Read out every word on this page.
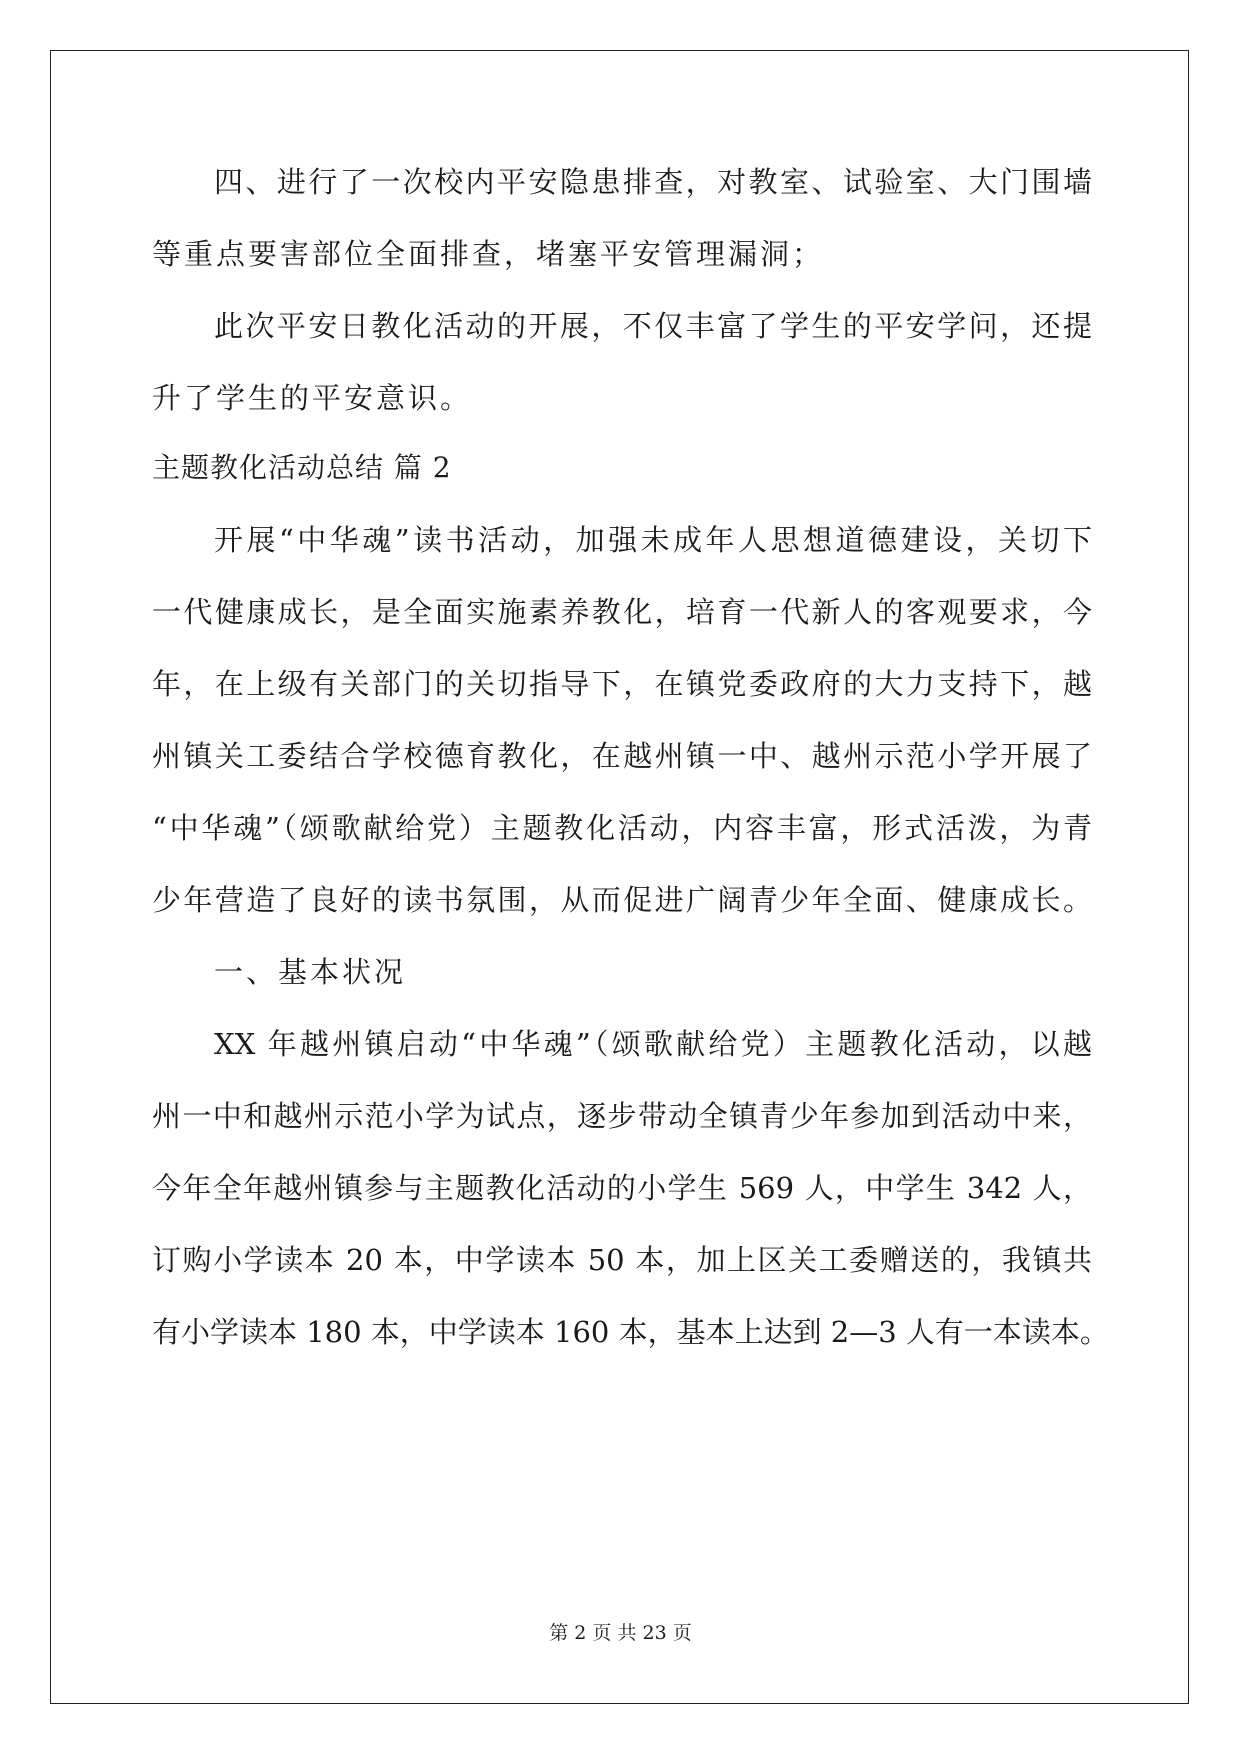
四、进行了一次校内平安隐患排查，对教室、试验室、大门围墙
等重点要害部位全面排查，堵塞平安管理漏洞；
此次平安日教化活动的开展，不仅丰富了学生的平安学问，还提
升了学生的平安意识。
主题教化活动总结 篇 2
开展“中华魂”读书活动，加强未成年人思想道德建设，关切下
一代健康成长，是全面实施素养教化，培育一代新人的客观要求，今
年，在上级有关部门的关切指导下，在镇党委政府的大力支持下，越
州镇关工委结合学校德育教化，在越州镇一中、越州示范小学开展了
“中华魂”（颂歌献给党）主题教化活动，内容丰富，形式活泼，为青
少年营造了良好的读书氛围，从而促进广阔青少年全面、健康成长。
一、基本状况
XX 年越州镇启动“中华魂”（颂歌献给党）主题教化活动，以越
州一中和越州示范小学为试点，逐步带动全镇青少年参加到活动中来，
今年全年越州镇参与主题教化活动的小学生 569 人，中学生 342 人，
订购小学读本 20 本，中学读本 50 本，加上区关工委赠送的，我镇共
有小学读本 180 本，中学读本 160 本，基本上达到 2—3 人有一本读本。
第 2 页 共 23 页
